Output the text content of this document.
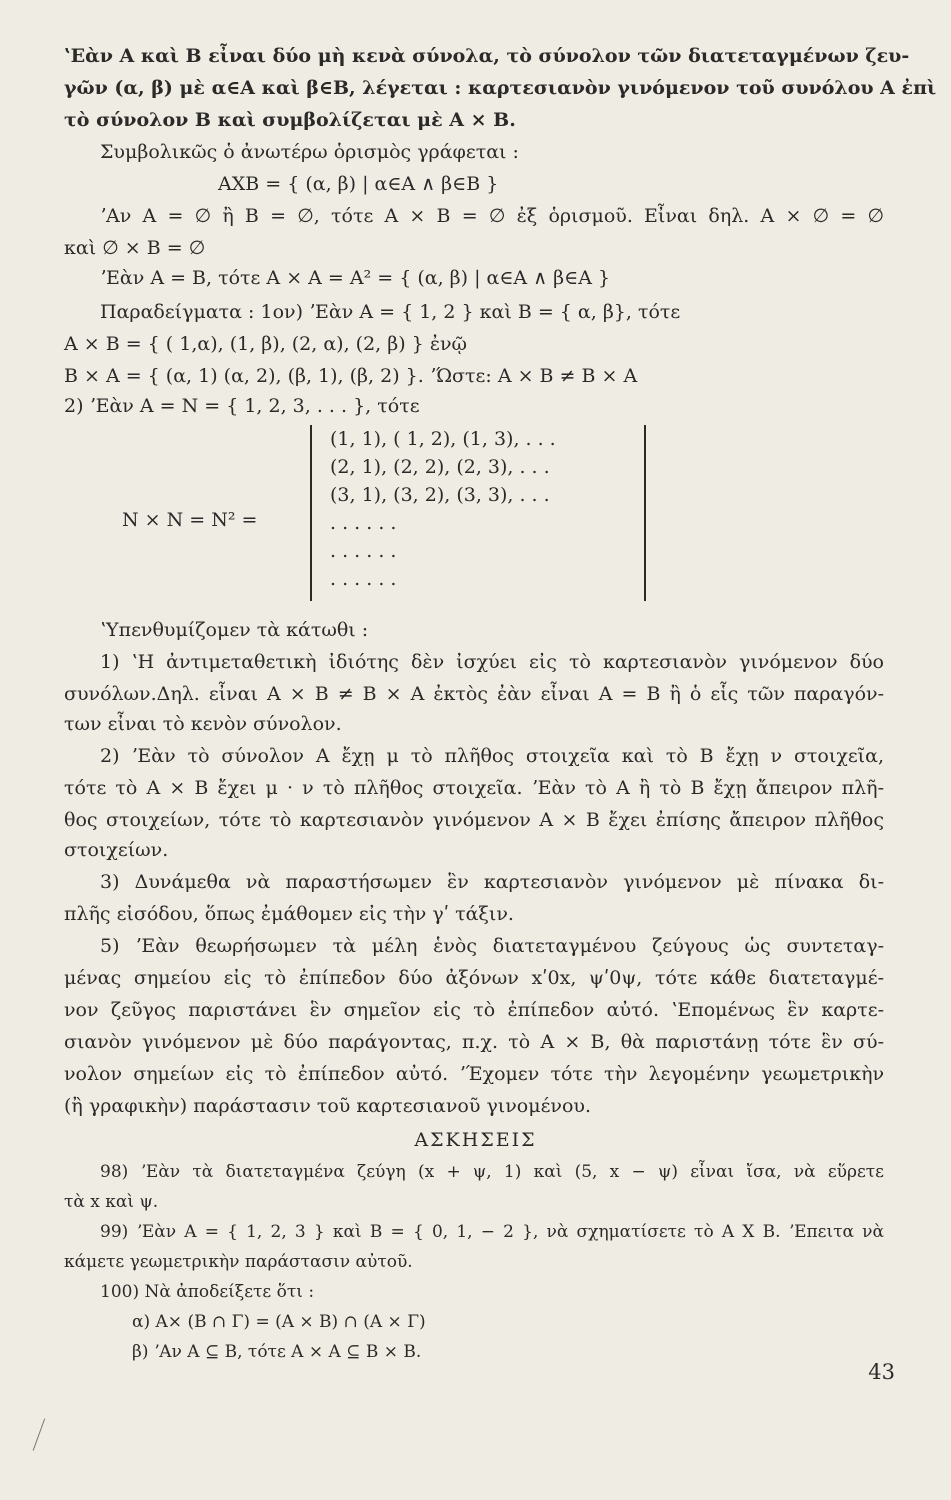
ʽΕὰν Α καὶ Β εἶναι δύο μὴ κενὰ σύνολα, τὸ σύνολον τῶν διατεταγμένων ζευ-
γῶν (α, β) μὲ α∈Α καὶ β∈Β, λέγεται : καρτεσιανὸν γινόμενον τοῦ συνόλου Α ἐπὶ
τὸ σύνολον Β καὶ συμβολίζεται μὲ Α × Β.
Συμβολικῶς ὁ ἀνωτέρω ὁρισμὸς γράφεται :
ΑΧΒ = { (α, β) | α∈Α ∧ β∈Β }
ʼΑν Α = ∅ ἢ Β = ∅, τότε Α × Β = ∅ ἐξ ὁρισμοῦ. Εἶναι δηλ. Α × ∅ = ∅
καὶ ∅ × Β = ∅
ʼΕὰν Α = Β, τότε Α × Α = Α² = { (α, β) | α∈Α ∧ β∈Α }
Παραδείγματα : 1ον) ʼΕὰν Α = { 1, 2 } καὶ Β = { α, β}, τότε
Α × Β = { ( 1,α), (1, β), (2, α), (2, β) } ἐνῷ
Β × Α = { (α, 1) (α, 2), (β, 1), (β, 2) }. ʼΏστε: Α × Β ≠ Β × Α
2) ʼΕὰν Α = Ν = { 1, 2, 3, . . . }, τότε
Ν × Ν = Ν² =
(1, 1), ( 1, 2), (1, 3), . . .
(2, 1), (2, 2), (2, 3), . . .
(3, 1), (3, 2), (3, 3), . . .
. . . . . .
. . . . . .
. . . . . .
ʽΥπενθυμίζομεν τὰ κάτωθι :
1) ʽΗ ἀντιμεταθετικὴ ἰδιότης δὲν ἰσχύει εἰς τὸ καρτεσιανὸν γινόμενον δύο
συνόλων.Δηλ. εἶναι Α × Β ≠ Β × Α ἐκτὸς ἐὰν εἶναι Α = Β ἢ ὁ εἷς τῶν παραγόν-
των εἶναι τὸ κενὸν σύνολον.
2) ʼΕὰν τὸ σύνολον Α ἔχῃ μ τὸ πλῆθος στοιχεῖα καὶ τὸ Β ἔχῃ ν στοιχεῖα,
τότε τὸ Α × Β ἔχει μ · ν τὸ πλῆθος στοιχεῖα. ʼΕὰν τὸ Α ἢ τὸ Β ἔχῃ ἄπειρον πλῆ-
θος στοιχείων, τότε τὸ καρτεσιανὸν γινόμενον Α × Β ἔχει ἐπίσης ἄπειρον πλῆθος
στοιχείων.
3) Δυνάμεθα νὰ παραστήσωμεν ἓν καρτεσιανὸν γινόμενον μὲ πίνακα δι-
πλῆς εἰσόδου, ὅπως ἐμάθομεν εἰς τὴν γʹ τάξιν.
5) ʼΕὰν θεωρήσωμεν τὰ μέλη ἑνὸς διατεταγμένου ζεύγους ὡς συντεταγ-
μένας σημείου εἰς τὸ ἐπίπεδον δύο ἀξόνων xʹ0x, ψʹ0ψ, τότε κάθε διατεταγμέ-
νον ζεῦγος παριστάνει ἓν σημεῖον εἰς τὸ ἐπίπεδον αὐτό. ʽΕπομένως ἓν καρτε-
σιανὸν γινόμενον μὲ δύο παράγοντας, π.χ. τὸ Α × Β, θὰ παριστάνῃ τότε ἓν σύ-
νολον σημείων εἰς τὸ ἐπίπεδον αὐτό. ʼΈχομεν τότε τὴν λεγομένην γεωμετρικὴν
(ἢ γραφικὴν) παράστασιν τοῦ καρτεσιανοῦ γινομένου.
ΑΣΚΗΣΕΙΣ
98) ʼΕὰν τὰ διατεταγμένα ζεύγη (x + ψ, 1) καὶ (5, x − ψ) εἶναι ἴσα, νὰ εὕρετε
τὰ x καὶ ψ.
99) ʼΕὰν Α = { 1, 2, 3 } καὶ Β = { 0, 1, − 2 }, νὰ σχηματίσετε τὸ Α Χ Β. ʼΕπειτα νὰ
κάμετε γεωμετρικὴν παράστασιν αὐτοῦ.
100) Νὰ ἀποδείξετε ὅτι :
α) Α× (Β ∩ Γ) = (Α × Β) ∩ (Α × Γ)
β) ʼΑν Α ⊆ Β, τότε Α × Α ⊆ Β × Β.
43
